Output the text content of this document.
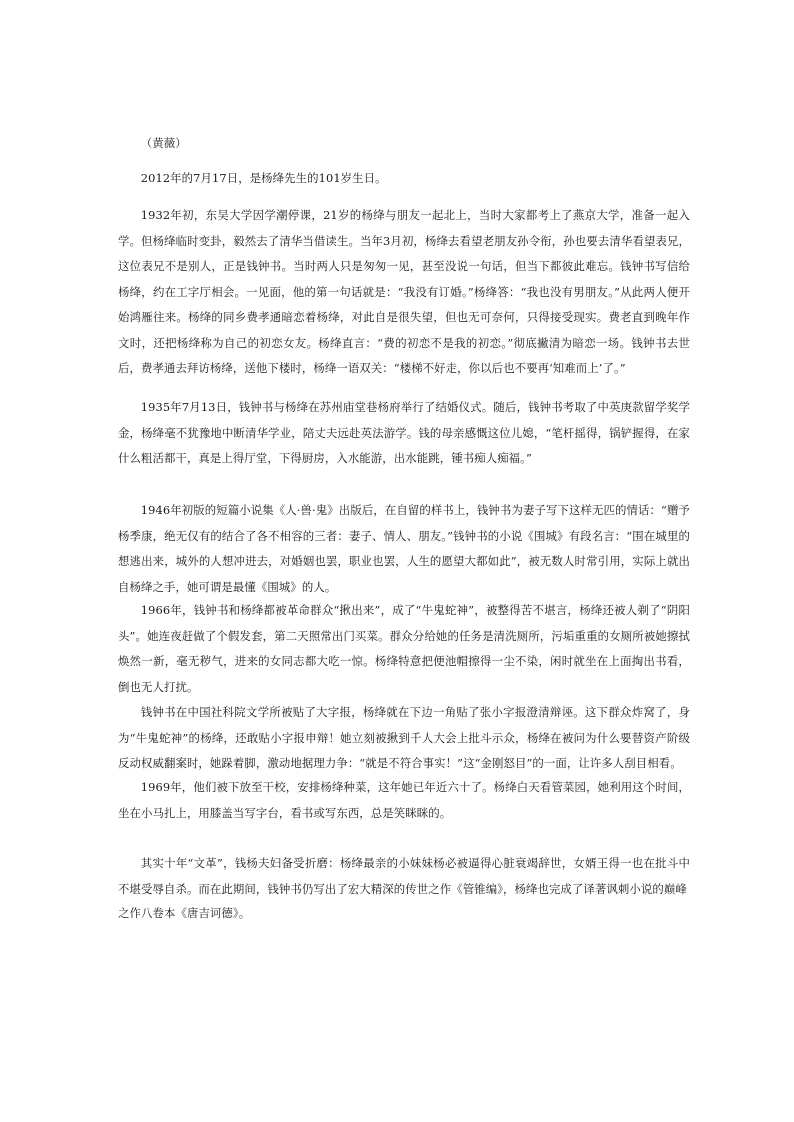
（黄薇）

2012年的7月17日，是杨绛先生的101岁生日。

1932年初，东吴大学因学潮停课，21岁的杨绛与朋友一起北上，当时大家都考上了燕京大学，准备一起入学。但杨绛临时变卦，毅然去了清华当借读生。当年3月初，杨绛去看望老朋友孙令衔，孙也要去清华看望表兄，这位表兄不是别人，正是钱钟书。当时两人只是匆匆一见，甚至没说一句话，但当下都彼此难忘。钱钟书写信给杨绛，约在工字厅相会。一见面，他的第一句话就是：“我没有订婚。”杨绛答：“我也没有男朋友。”从此两人便开始鸿雁往来。杨绛的同乡费孝通暗恋着杨绛，对此自是很失望，但也无可奈何，只得接受现实。费老直到晚年作文时，还把杨绛称为自己的初恋女友。杨绛直言：“费的初恋不是我的初恋。”彻底撇清为暗恋一场。钱钟书去世后，费孝通去拜访杨绛，送他下楼时，杨绛一语双关：“楼梯不好走，你以后也不要再‘知难而上’了。”

1935年7月13日，钱钟书与杨绛在苏州庙堂巷杨府举行了结婚仪式。随后，钱钟书考取了中英庚款留学奖学金，杨绛毫不犹豫地中断清华学业，陪丈夫远赴英法游学。钱的母亲感慨这位儿媳，“笔杆摇得，锅铲握得，在家什么粗活都干，真是上得厅堂，下得厨房，入水能游，出水能跳，锺书痴人痴福。”

1946年初版的短篇小说集《人·兽·鬼》出版后，在自留的样书上，钱钟书为妻子写下这样无匹的情话：“赠予杨季康，绝无仅有的结合了各不相容的三者：妻子、情人、朋友。”钱钟书的小说《围城》有段名言：“围在城里的想逃出来，城外的人想冲进去，对婚姻也罢，职业也罢，人生的愿望大都如此”，被无数人时常引用，实际上就出自杨绛之手，她可谓是最懂《围城》的人。

1966年，钱钟书和杨绛都被革命群众“揪出来”，成了“牛鬼蛇神”，被整得苦不堪言，杨绛还被人剃了“阴阳头”。她连夜赶做了个假发套，第二天照常出门买菜。群众分给她的任务是清洗厕所，污垢重重的女厕所被她擦拭焕然一新，毫无秽气，进来的女同志都大吃一惊。杨绛特意把便池帽擦得一尘不染，闲时就坐在上面掏出书看，倒也无人打扰。

钱钟书在中国社科院文学所被贴了大字报，杨绛就在下边一角贴了张小字报澄清辩诬。这下群众炸窝了，身为“牛鬼蛇神”的杨绛，还敢贴小字报申辩！她立刻被揪到千人大会上批斗示众，杨绛在被问为什么要替资产阶级反动权威翻案时，她跺着脚，激动地据理力争：“就是不符合事实！”这“金刚怒目”的一面，让许多人刮目相看。

1969年，他们被下放至干校，安排杨绛种菜，这年她已年近六十了。杨绛白天看管菜园，她利用这个时间，坐在小马扎上，用膝盖当写字台，看书或写东西，总是笑眯眯的。

其实十年“文革”，钱杨夫妇备受折磨：杨绛最亲的小妹妹杨必被逼得心脏衰竭辞世，女婿王得一也在批斗中不堪受辱自杀。而在此期间，钱钟书仍写出了宏大精深的传世之作《管锥编》，杨绛也完成了译著讽刺小说的巅峰

之作八卷本《唐吉诃德》。
